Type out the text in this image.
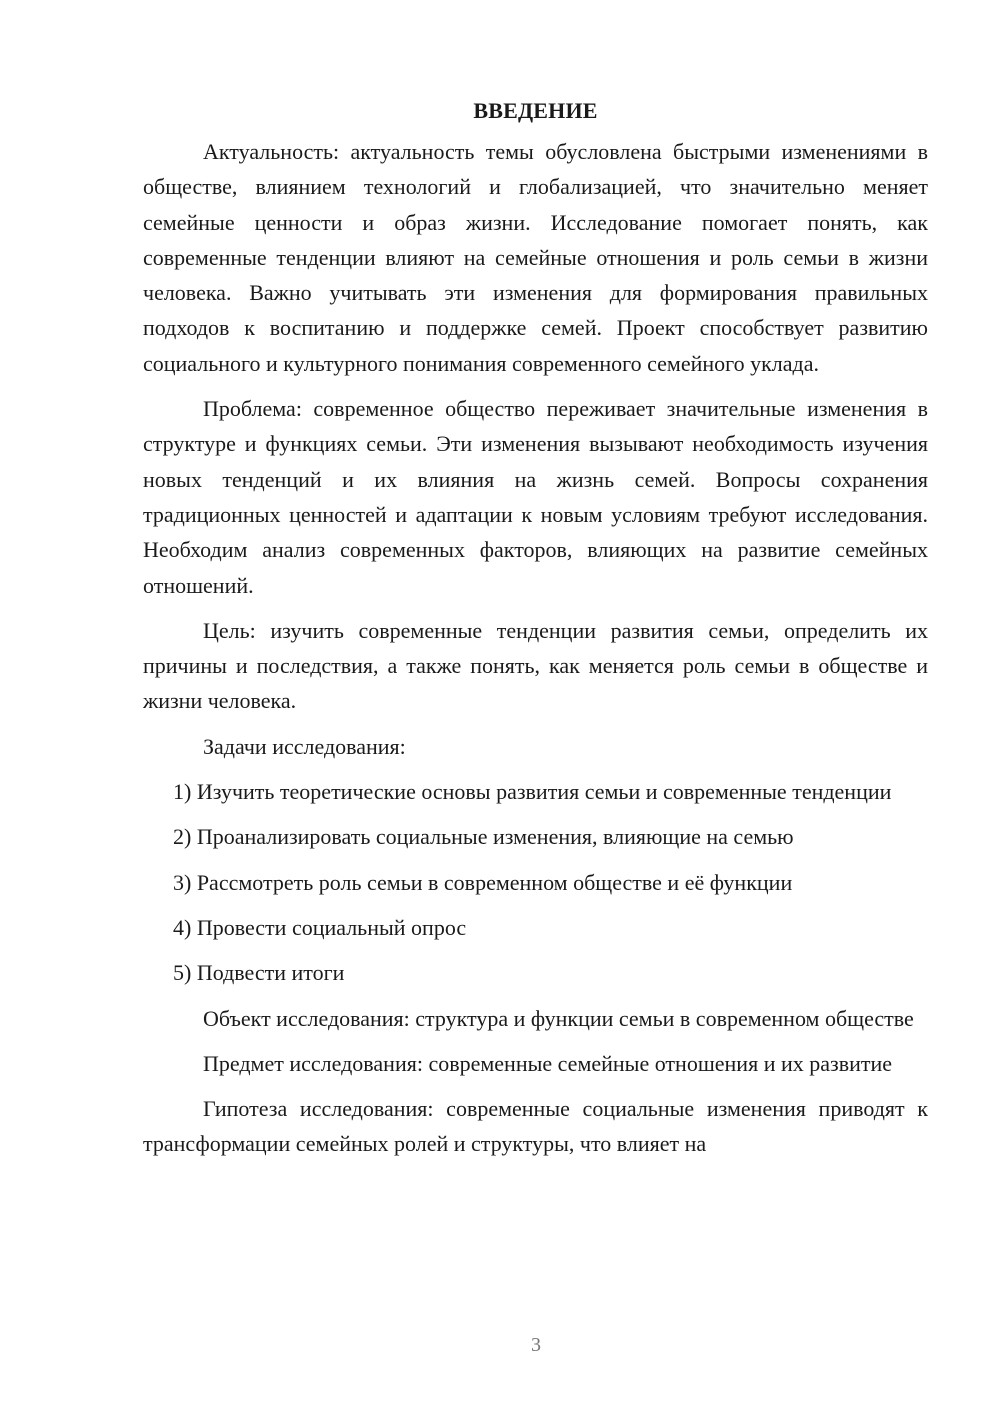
ВВЕДЕНИЕ

Актуальность: актуальность темы обусловлена быстрыми изменениями в обществе, влиянием технологий и глобализацией, что значительно меняет семейные ценности и образ жизни. Исследование помогает понять, как современные тенденции влияют на семейные отношения и роль семьи в жизни человека. Важно учитывать эти изменения для формирования правильных подходов к воспитанию и поддержке семей. Проект способствует развитию социального и культурного понимания современного семейного уклада.

Проблема: современное общество переживает значительные изменения в структуре и функциях семьи. Эти изменения вызывают необходимость изучения новых тенденций и их влияния на жизнь семей. Вопросы сохранения традиционных ценностей и адаптации к новым условиям требуют исследования. Необходим анализ современных факторов, влияющих на развитие семейных отношений.

Цель: изучить современные тенденции развития семьи, определить их причины и последствия, а также понять, как меняется роль семьи в обществе и жизни человека.

Задачи исследования:

1) Изучить теоретические основы развития семьи и современные тенденции

2) Проанализировать социальные изменения, влияющие на семью

3) Рассмотреть роль семьи в современном обществе и её функции

4) Провести социальный опрос

5) Подвести итоги

Объект исследования: структура и функции семьи в современном обществе

Предмет исследования: современные семейные отношения и их развитие

Гипотеза исследования: современные социальные изменения приводят к трансформации семейных ролей и структуры, что влияет на

3
